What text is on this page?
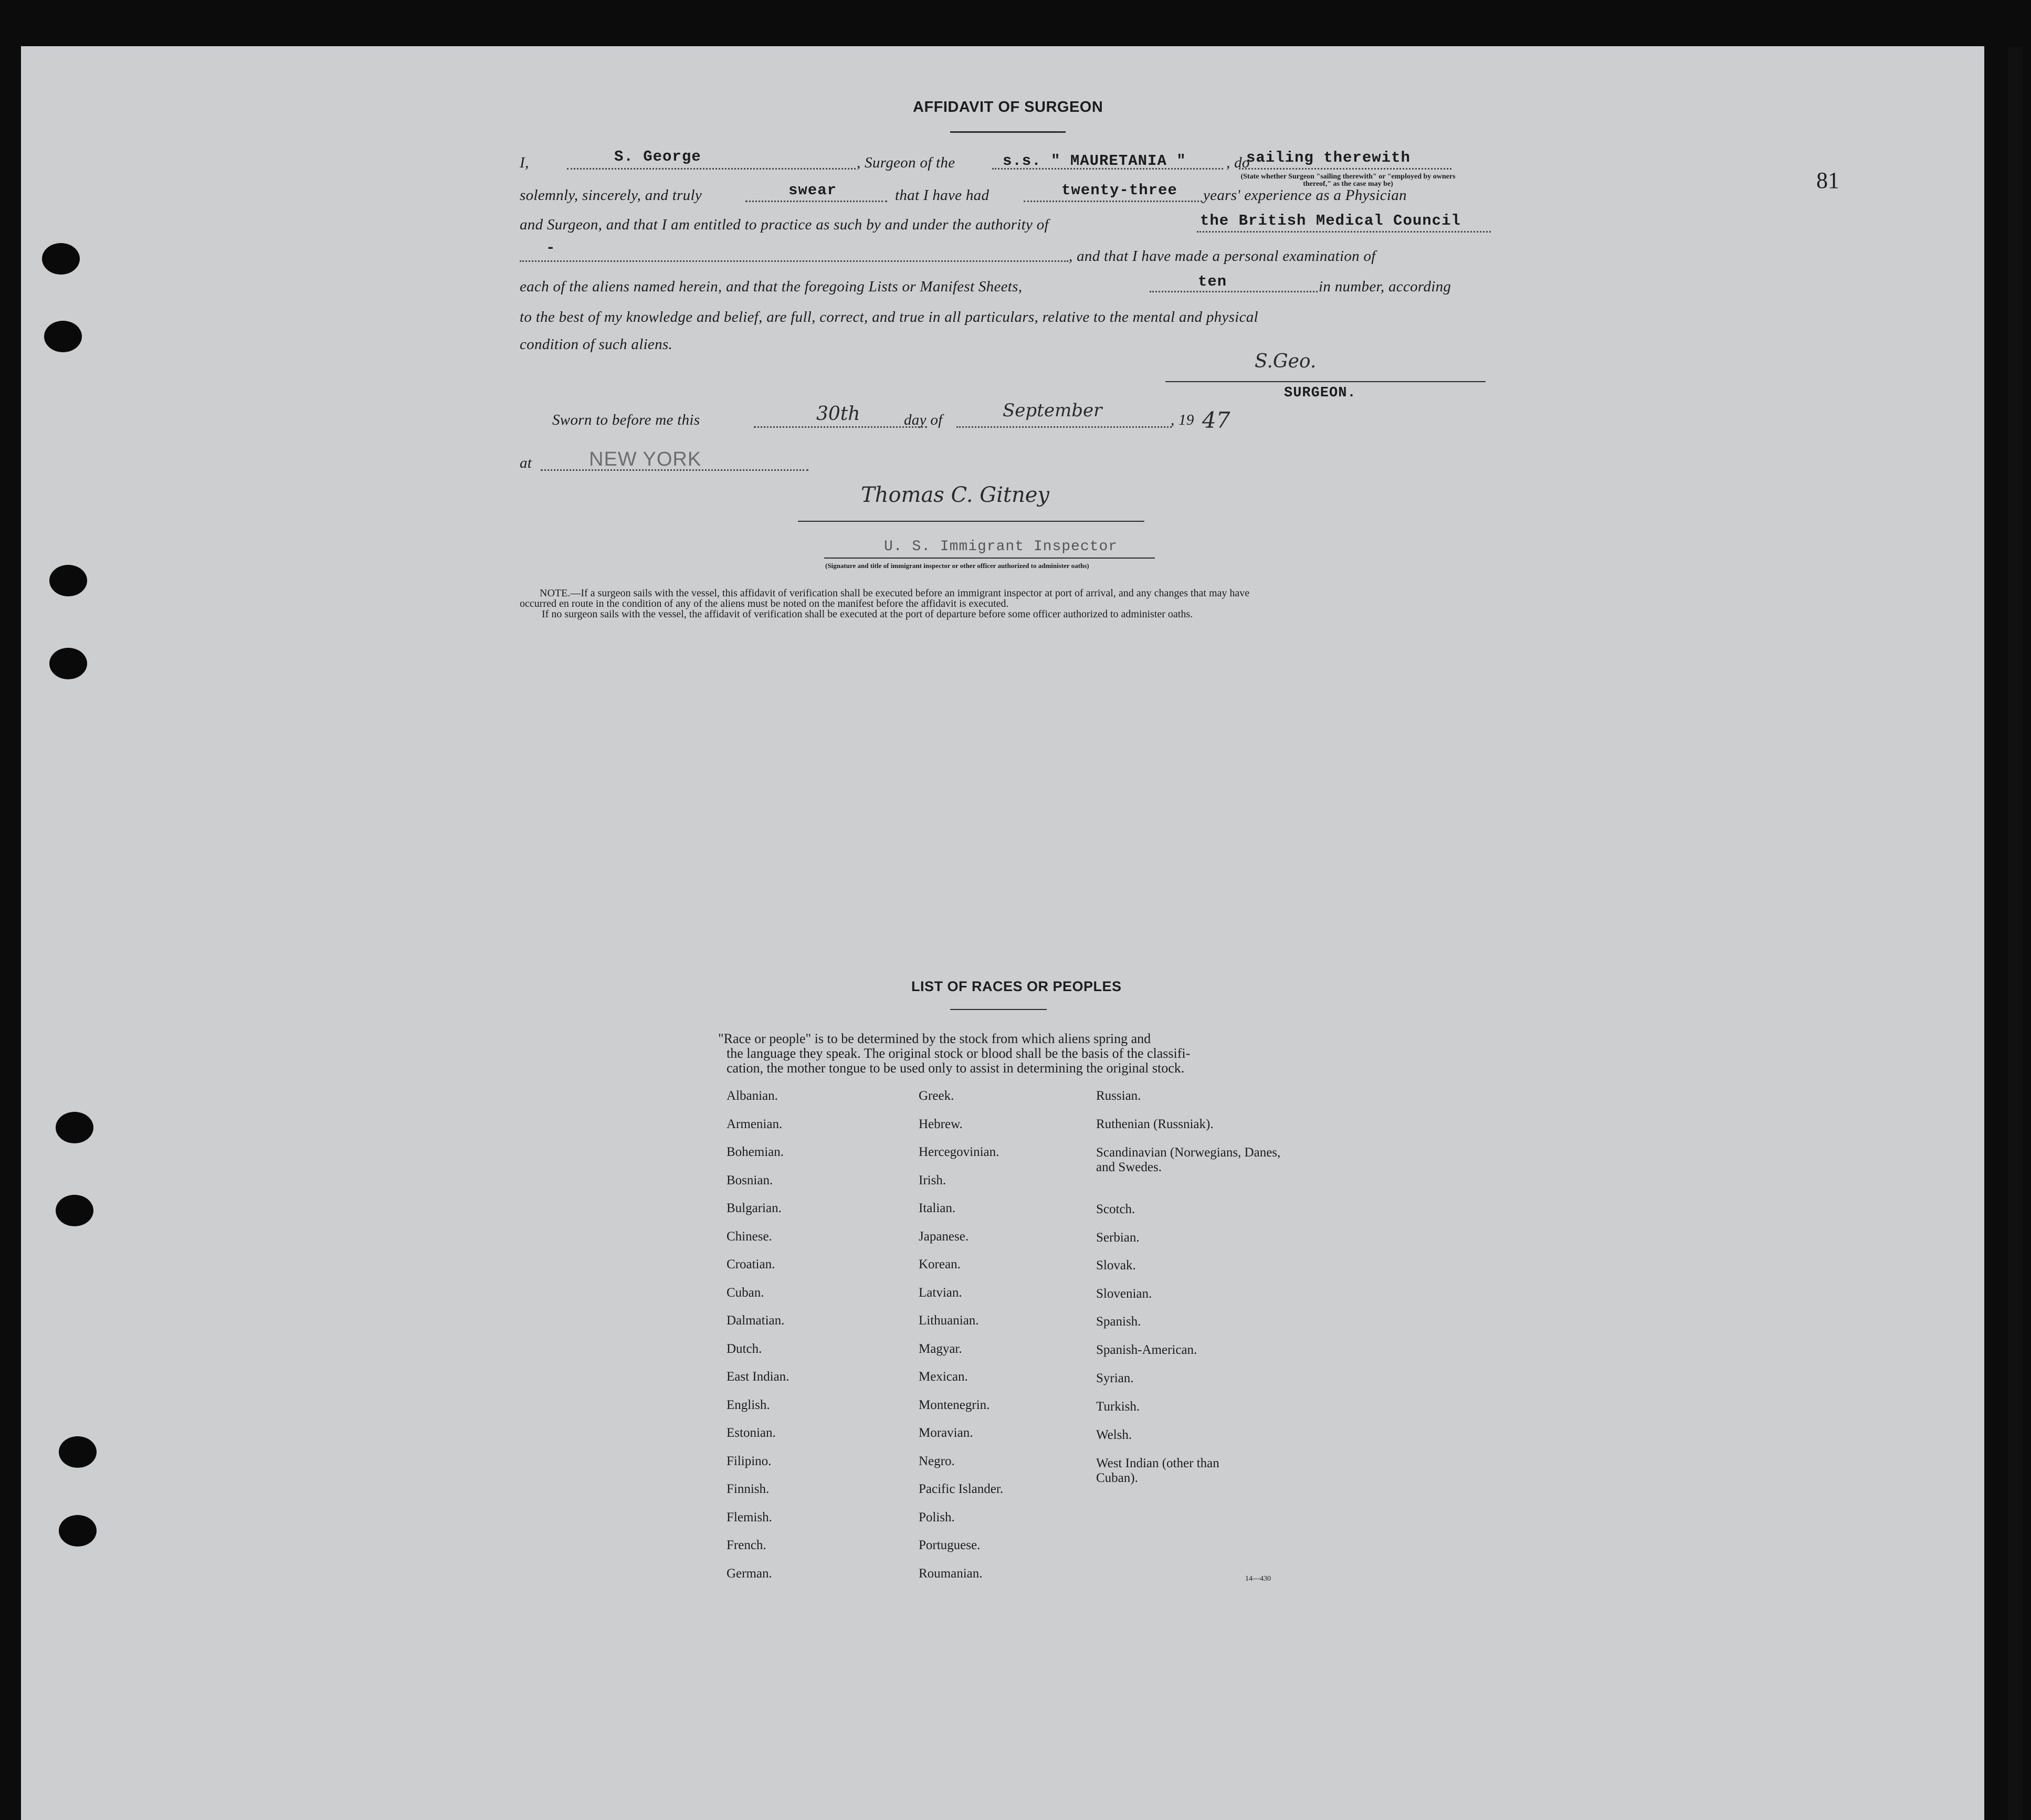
81
AFFIDAVIT OF SURGEON
I,	S. George	, Surgeon of the	s.s. " MAURETANIA "	, do
sailing therewith
(State whether Surgeon "sailing therewith" or "employed by owners thereof," as the case may be)
solemnly, sincerely, and truly	swear	that I have had	twenty-three years' experience as a Physician
and Surgeon, and that I am entitled to practice as such by and under the authority of	the British Medical Council
-	, and that I have made a personal examination of
each of the aliens named herein, and that the foregoing Lists or Manifest Sheets,	ten	in number, according
to the best of my knowledge and belief, are full, correct, and true in all particulars, relative to the mental and physical
condition of such aliens.
S.Geo.
SURGEON.
Sworn to before me this	30th	day of	September	, 19 47
at	NEW YORK
Thomas C. Gitney
U. S. Immigrant Inspector
(Signature and title of immigrant inspector or other officer authorized to administer oaths)
NOTE.—If a surgeon sails with the vessel, this affidavit of verification shall be executed before an immigrant inspector at port of arrival, and any changes that may have
occurred en route in the condition of any of the aliens must be noted on the manifest before the affidavit is executed.
If no surgeon sails with the vessel, the affidavit of verification shall be executed at the port of departure before some officer authorized to administer oaths.
LIST OF RACES OR PEOPLES
"Race or people" is to be determined by the stock from which aliens spring and
the language they speak. The original stock or blood shall be the basis of the classifi-
cation, the mother tongue to be used only to assist in determining the original stock.
Albanian.
Armenian.
Bohemian.
Bosnian.
Bulgarian.
Chinese.
Croatian.
Cuban.
Dalmatian.
Dutch.
East Indian.
English.
Estonian.
Filipino.
Finnish.
Flemish.
French.
German.
Greek.
Hebrew.
Hercegovinian.
Irish.
Italian.
Japanese.
Korean.
Latvian.
Lithuanian.
Magyar.
Mexican.
Montenegrin.
Moravian.
Negro.
Pacific Islander.
Polish.
Portuguese.
Roumanian.
Russian.
Ruthenian (Russniak).
Scandinavian (Norwegians, Danes, and Swedes.
Scotch.
Serbian.
Slovak.
Slovenian.
Spanish.
Spanish-American.
Syrian.
Turkish.
Welsh.
West Indian (other than Cuban).
14—430
